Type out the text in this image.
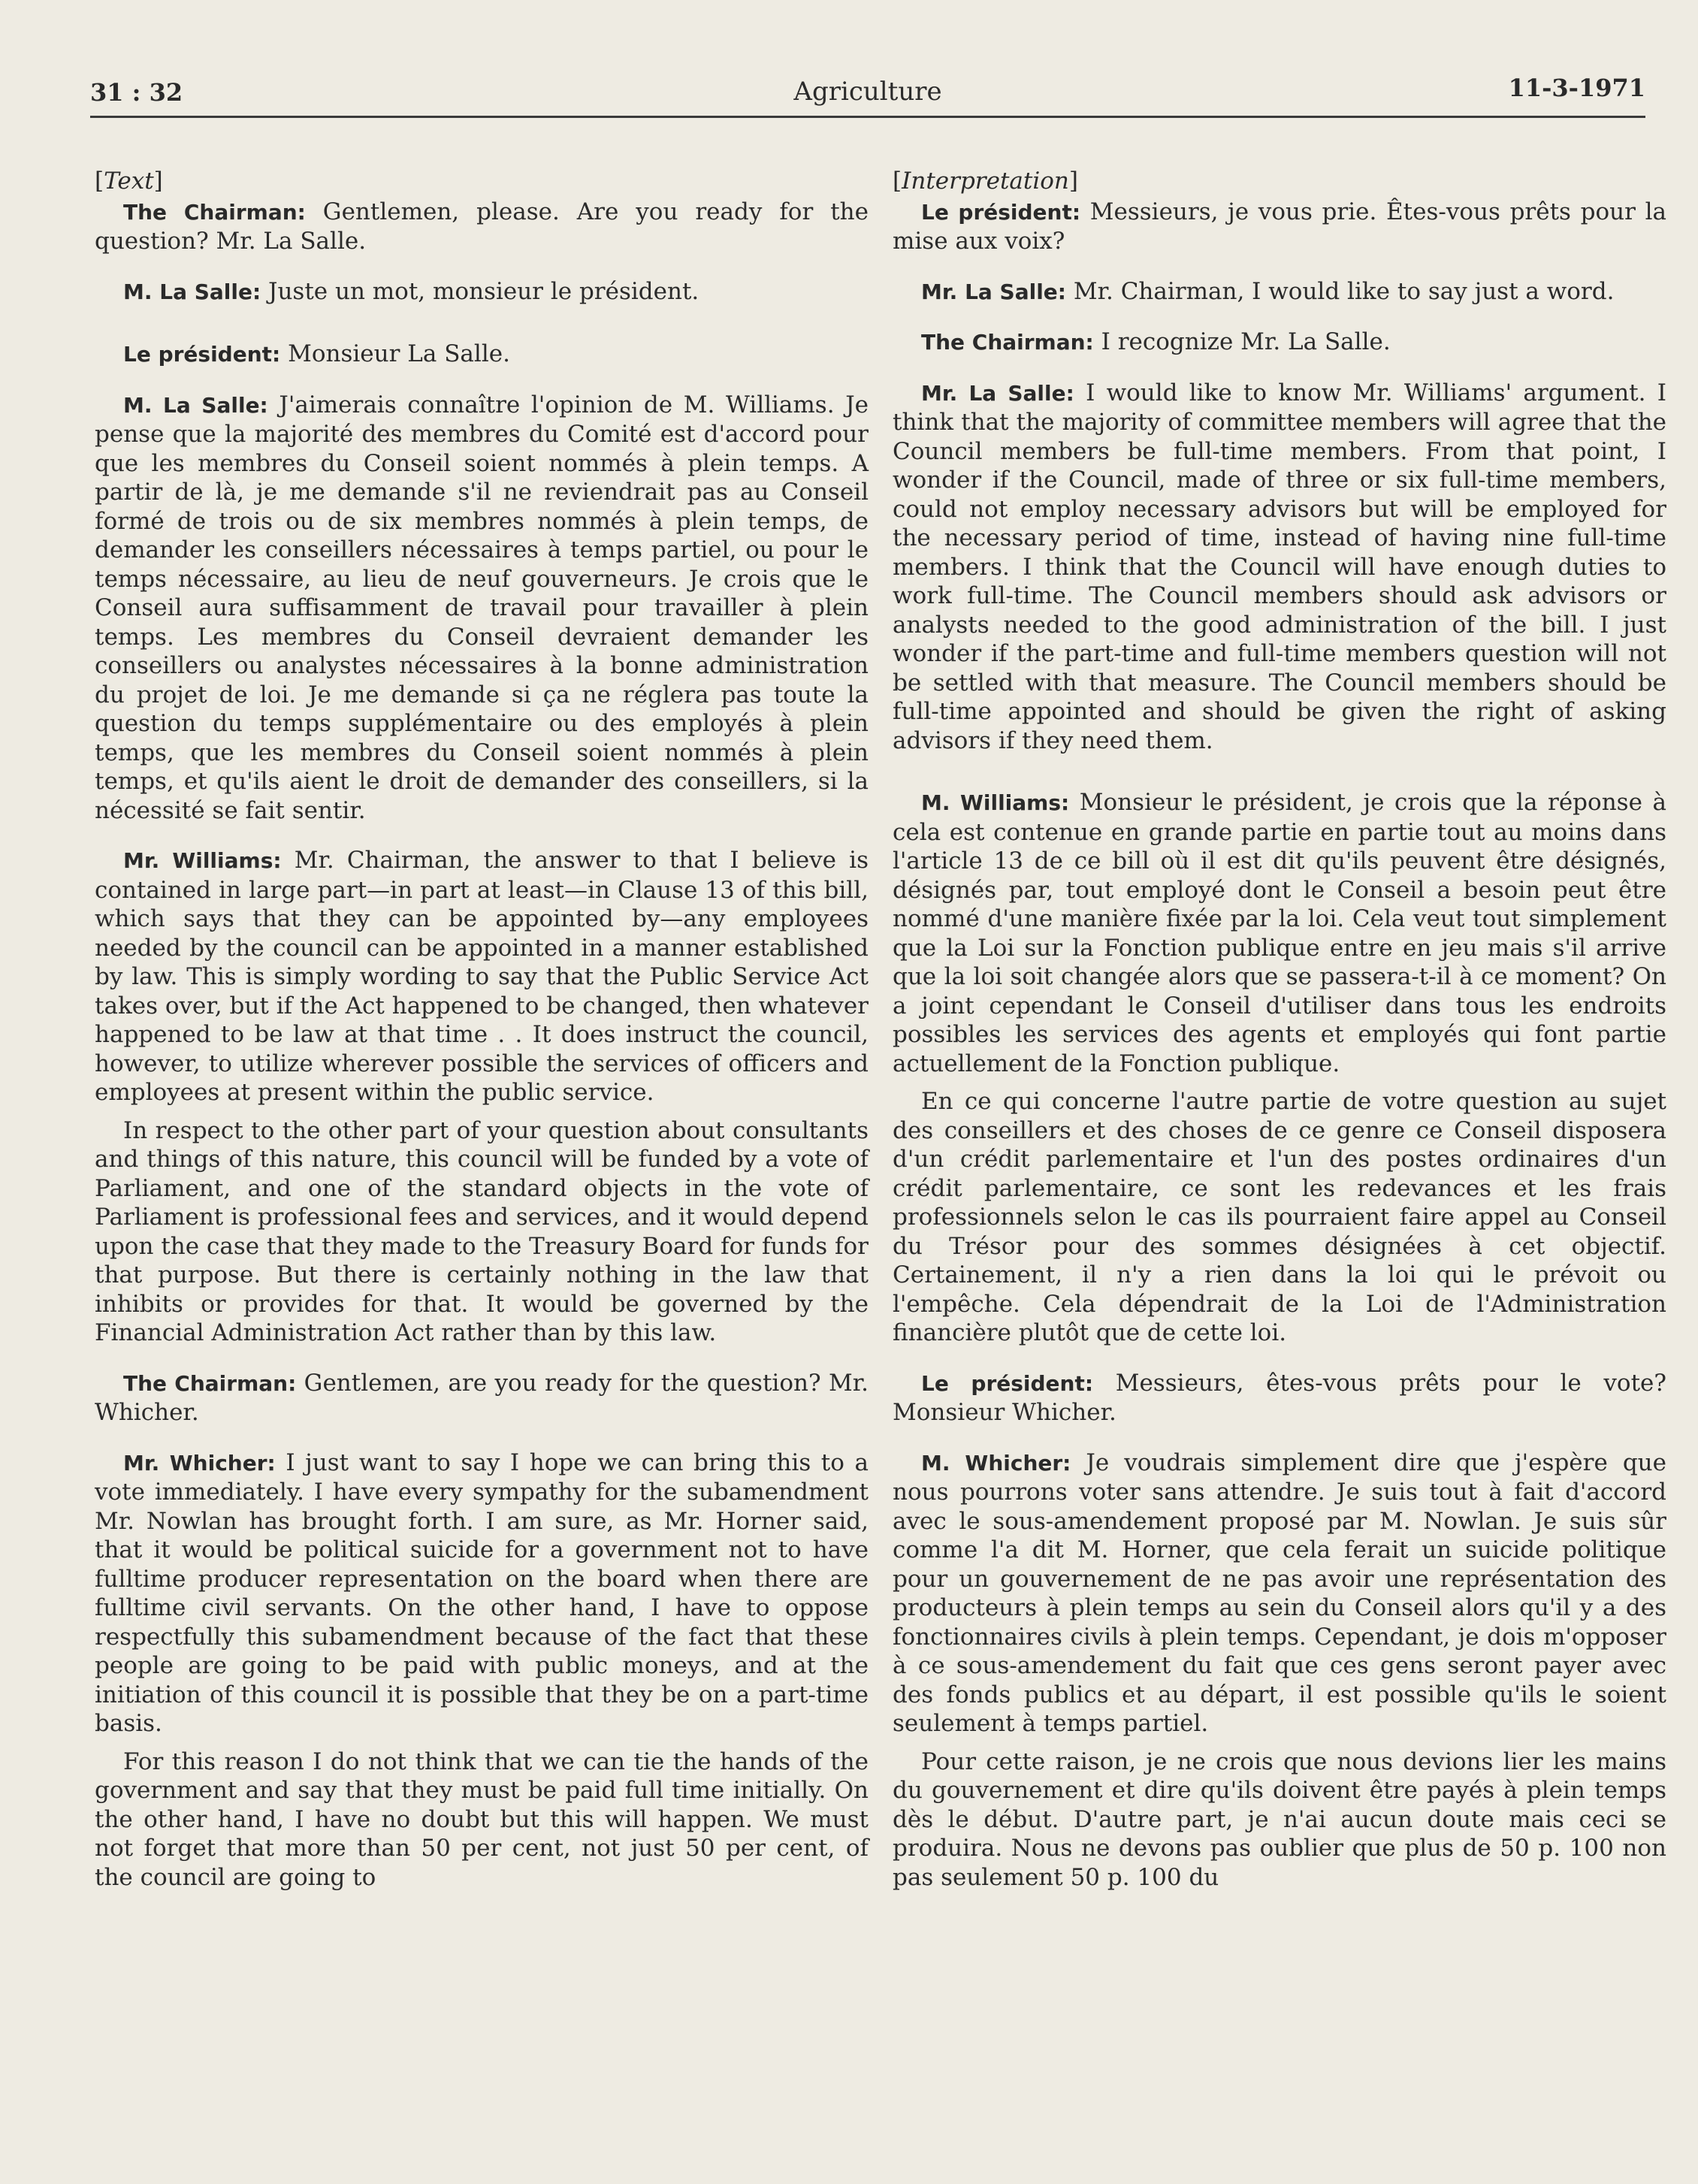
31 : 32	Agriculture	11-3-1971
[Text]

The Chairman: Gentlemen, please. Are you ready for the question? Mr. La Salle.

M. La Salle: Juste un mot, monsieur le président.

Le président: Monsieur La Salle.

M. La Salle: J'aimerais connaître l'opinion de M. Williams. Je pense que la majorité des membres du Comité est d'accord pour que les membres du Conseil soient nommés à plein temps. A partir de là, je me demande s'il ne reviendrait pas au Conseil formé de trois ou de six membres nommés à plein temps, de demander les conseillers nécessaires à temps partiel, ou pour le temps nécessaire, au lieu de neuf gouverneurs. Je crois que le Conseil aura suffisamment de travail pour travailler à plein temps. Les membres du Conseil devraient demander les conseillers ou analystes nécessaires à la bonne administration du projet de loi. Je me demande si ça ne réglera pas toute la question du temps supplémentaire ou des employés à plein temps, que les membres du Conseil soient nommés à plein temps, et qu'ils aient le droit de demander des conseillers, si la nécessité se fait sentir.

Mr. Williams: Mr. Chairman, the answer to that I believe is contained in large part—in part at least—in Clause 13 of this bill, which says that they can be appointed by—any employees needed by the council can be appointed in a manner established by law. This is simply wording to say that the Public Service Act takes over, but if the Act happened to be changed, then whatever happened to be law at that time . . It does instruct the council, however, to utilize wherever possible the services of officers and employees at present within the public service.

In respect to the other part of your question about consultants and things of this nature, this council will be funded by a vote of Parliament, and one of the standard objects in the vote of Parliament is professional fees and services, and it would depend upon the case that they made to the Treasury Board for funds for that purpose. But there is certainly nothing in the law that inhibits or provides for that. It would be governed by the Financial Administration Act rather than by this law.

The Chairman: Gentlemen, are you ready for the question? Mr. Whicher.

Mr. Whicher: I just want to say I hope we can bring this to a vote immediately. I have every sympathy for the subamendment Mr. Nowlan has brought forth. I am sure, as Mr. Horner said, that it would be political suicide for a government not to have fulltime producer representation on the board when there are fulltime civil servants. On the other hand, I have to oppose respectfully this subamendment because of the fact that these people are going to be paid with public moneys, and at the initiation of this council it is possible that they be on a part-time basis.

For this reason I do not think that we can tie the hands of the government and say that they must be paid full time initially. On the other hand, I have no doubt but this will happen. We must not forget that more than 50 per cent, not just 50 per cent, of the council are going to

[Interpretation]

Le président: Messieurs, je vous prie. Êtes-vous prêts pour la mise aux voix?

Mr. La Salle: Mr. Chairman, I would like to say just a word.

The Chairman: I recognize Mr. La Salle.

Mr. La Salle: I would like to know Mr. Williams' argument. I think that the majority of committee members will agree that the Council members be full-time members. From that point, I wonder if the Council, made of three or six full-time members, could not employ necessary advisors but will be employed for the necessary period of time, instead of having nine full-time members. I think that the Council will have enough duties to work full-time. The Council members should ask advisors or analysts needed to the good administration of the bill. I just wonder if the part-time and full-time members question will not be settled with that measure. The Council members should be full-time appointed and should be given the right of asking advisors if they need them.

M. Williams: Monsieur le président, je crois que la réponse à cela est contenue en grande partie en partie tout au moins dans l'article 13 de ce bill où il est dit qu'ils peuvent être désignés, désignés par, tout employé dont le Conseil a besoin peut être nommé d'une manière fixée par la loi. Cela veut tout simplement que la Loi sur la Fonction publique entre en jeu mais s'il arrive que la loi soit changée alors que se passera-t-il à ce moment? On a joint cependant le Conseil d'utiliser dans tous les endroits possibles les services des agents et employés qui font partie actuellement de la Fonction publique.

En ce qui concerne l'autre partie de votre question au sujet des conseillers et des choses de ce genre ce Conseil disposera d'un crédit parlementaire et l'un des postes ordinaires d'un crédit parlementaire, ce sont les redevances et les frais professionnels selon le cas ils pourraient faire appel au Conseil du Trésor pour des sommes désignées à cet objectif. Certainement, il n'y a rien dans la loi qui le prévoit ou l'empêche. Cela dépendrait de la Loi de l'Administration financière plutôt que de cette loi.

Le président: Messieurs, êtes-vous prêts pour le vote? Monsieur Whicher.

M. Whicher: Je voudrais simplement dire que j'espère que nous pourrons voter sans attendre. Je suis tout à fait d'accord avec le sous-amendement proposé par M. Nowlan. Je suis sûr comme l'a dit M. Horner, que cela ferait un suicide politique pour un gouvernement de ne pas avoir une représentation des producteurs à plein temps au sein du Conseil alors qu'il y a des fonctionnaires civils à plein temps. Cependant, je dois m'opposer à ce sous-amendement du fait que ces gens seront payer avec des fonds publics et au départ, il est possible qu'ils le soient seulement à temps partiel.

Pour cette raison, je ne crois que nous devions lier les mains du gouvernement et dire qu'ils doivent être payés à plein temps dès le début. D'autre part, je n'ai aucun doute mais ceci se produira. Nous ne devons pas oublier que plus de 50 p. 100 non pas seulement 50 p. 100 du
